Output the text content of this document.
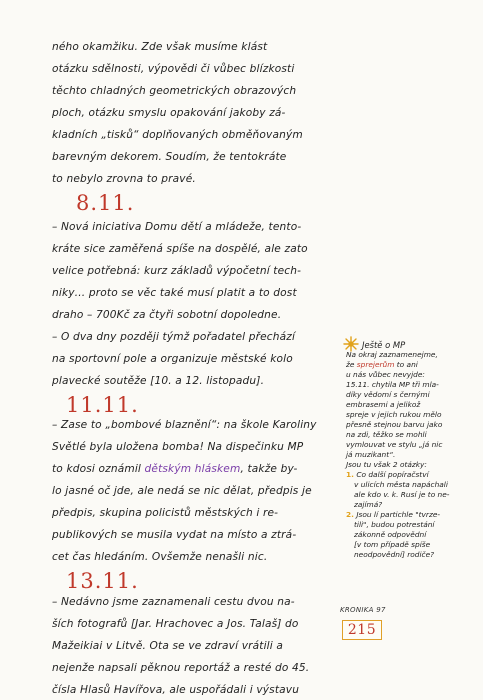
ného okamžiku. Zde však musíme klást
otázku sdělnosti, výpovědi či vůbec blízkosti
těchto chladných geometrických obrazových
ploch, otázku smyslu opakování jakoby zá-
kladních „tisků“ doplňovaných obměňovaným
barevným dekorem. Soudím, že tentokráte
to nebylo zrovna to pravé.
8.11.
– Nová iniciativa Domu dětí a mládeže, tento-
kráte sice zaměřená spíše na dospělé, ale zato
velice potřebná: kurz základů výpočetní tech-
niky… proto se věc také musí platit a to dost
draho – 700Kč za čtyři sobotní dopoledne.
– O dva dny později týmž pořadatel přechází
na sportovní pole a organizuje městské kolo
plavecké soutěže [10. a 12. listopadu].
11.11.
– Zase to „bombové blaznění“: na škole Karoliny
Světlé byla uložena bomba! Na dispečinku MP
to kdosi oznámil dětským hláskem, takže by-
lo jasné oč jde, ale nedá se nic dělat, předpis je
předpis, skupina policistů městských i re-
publikových se musila vydat na místo a ztrá-
cet čas hledáním. Ovšemže nenašli nic.
13.11.
– Nedávno jsme zaznamenali cestu dvou na-
ších fotografů [Jar. Hrachovec a Jos. Talaš] do
Mažeikiai v Litvě. Ota se ve zdraví vrátili a
nejenže napsali pěknou reportáž a resté do 45.
čísla Hlasů Havířova, ale uspořádali i výstavu
Ještě o MP
Na okraj zaznamenejme,
že sprejerům to ani
u nás vůbec nevyjde:
15.11. chytila MP tři mla-
díky vědomí s černými
embrasemi a jelikož
spreje v jejich rukou mělo
přesně stejnou barvu jako
na zdi, těžko se mohli
vymlouvat ve stylu „já nic
já muzikant“.
Jsou tu však 2 otázky:
1. Co další popíračství
v ulicích města napáchali
ale kdo v. k. Rusí je to ne-
zajímá?
2. Jsou lí partichle "tvrze-
tili", budou potrestání
zákonně odpovědní
[v tom případě spíše
neodpovědní] rodiče?
KRONIKA 97
215
